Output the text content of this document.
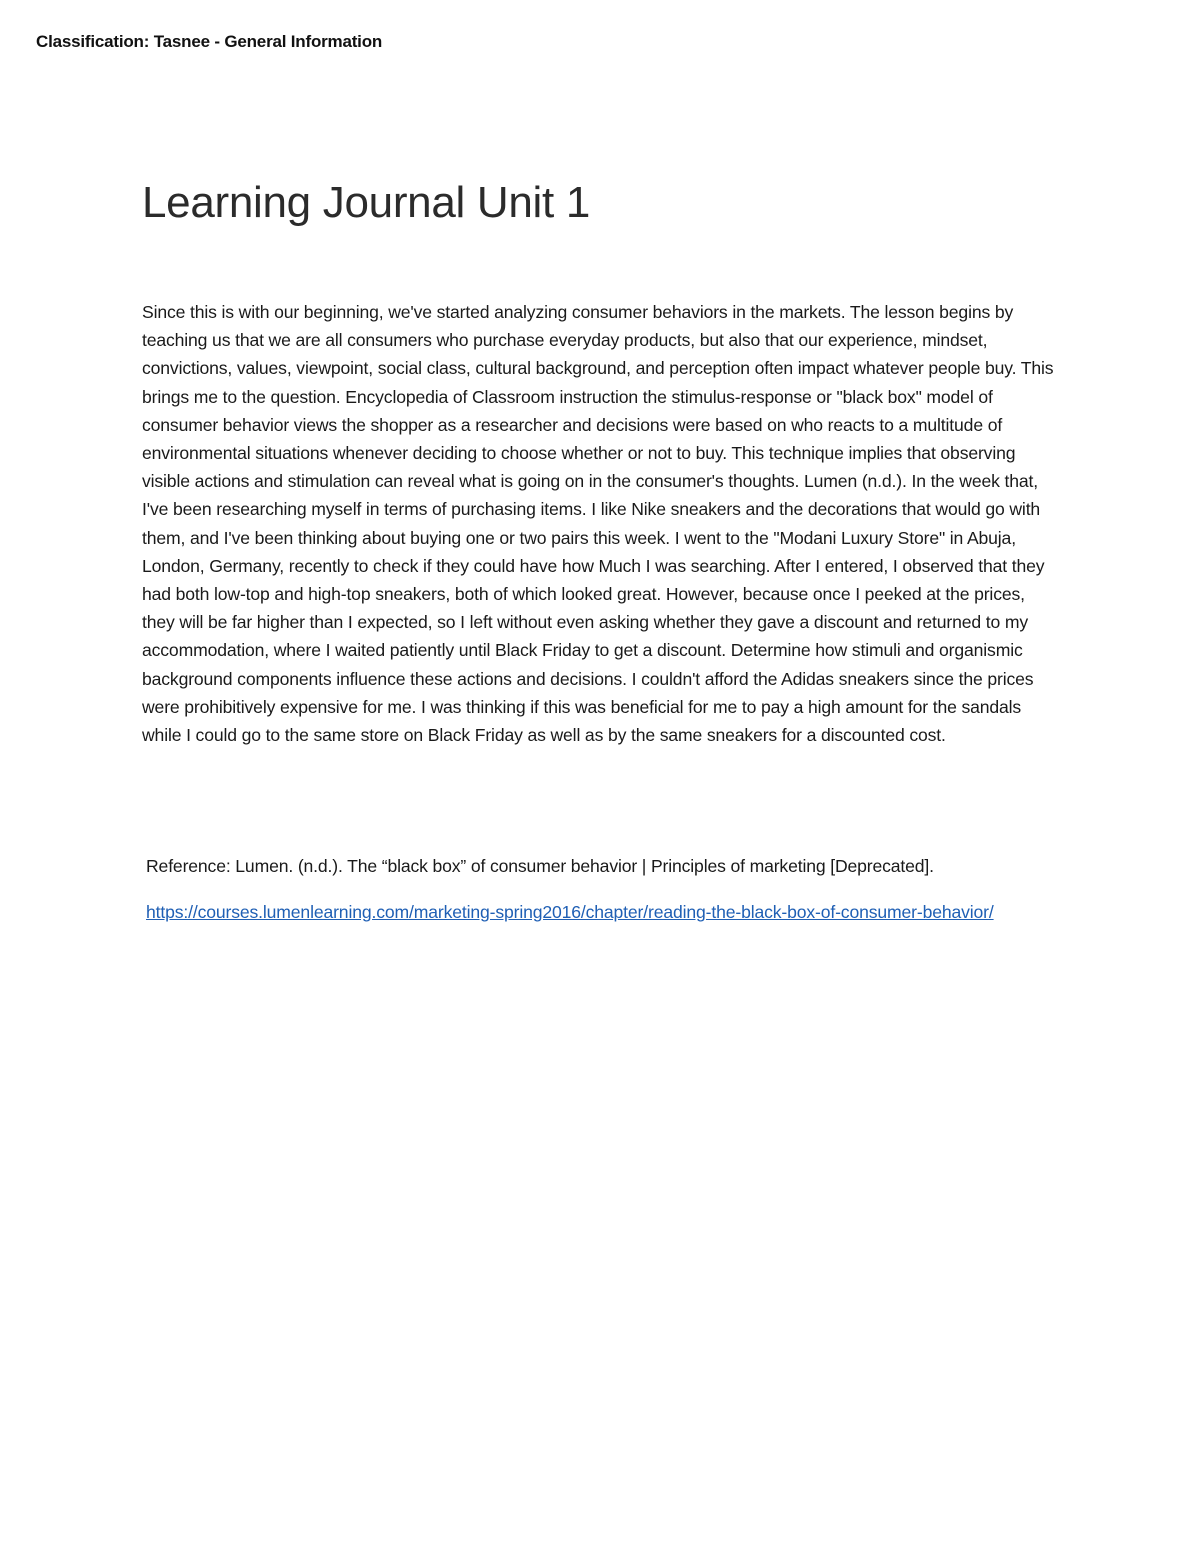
Classification: Tasnee - General Information
Learning Journal Unit 1

Since this is with our beginning, we've started analyzing consumer behaviors in the markets. The lesson begins by teaching us that we are all consumers who purchase everyday products, but also that our experience, mindset, convictions, values, viewpoint, social class, cultural background, and perception often impact whatever people buy. This brings me to the question. Encyclopedia of Classroom instruction the stimulus-response or "black box" model of consumer behavior views the shopper as a researcher and decisions were based on who reacts to a multitude of environmental situations whenever deciding to choose whether or not to buy. This technique implies that observing visible actions and stimulation can reveal what is going on in the consumer's thoughts. Lumen (n.d.). In the week that, I've been researching myself in terms of purchasing items. I like Nike sneakers and the decorations that would go with them, and I've been thinking about buying one or two pairs this week. I went to the "Modani Luxury Store" in Abuja, London, Germany, recently to check if they could have how Much I was searching. After I entered, I observed that they had both low-top and high-top sneakers, both of which looked great. However, because once I peeked at the prices, they will be far higher than I expected, so I left without even asking whether they gave a discount and returned to my accommodation, where I waited patiently until Black Friday to get a discount. Determine how stimuli and organismic background components influence these actions and decisions. I couldn't afford the Adidas sneakers since the prices were prohibitively expensive for me. I was thinking if this was beneficial for me to pay a high amount for the sandals while I could go to the same store on Black Friday as well as by the same sneakers for a discounted cost.

Reference: Lumen. (n.d.). The “black box” of consumer behavior | Principles of marketing [Deprecated].

https://courses.lumenlearning.com/marketing-spring2016/chapter/reading-the-black-box-of-consumer-behavior/
